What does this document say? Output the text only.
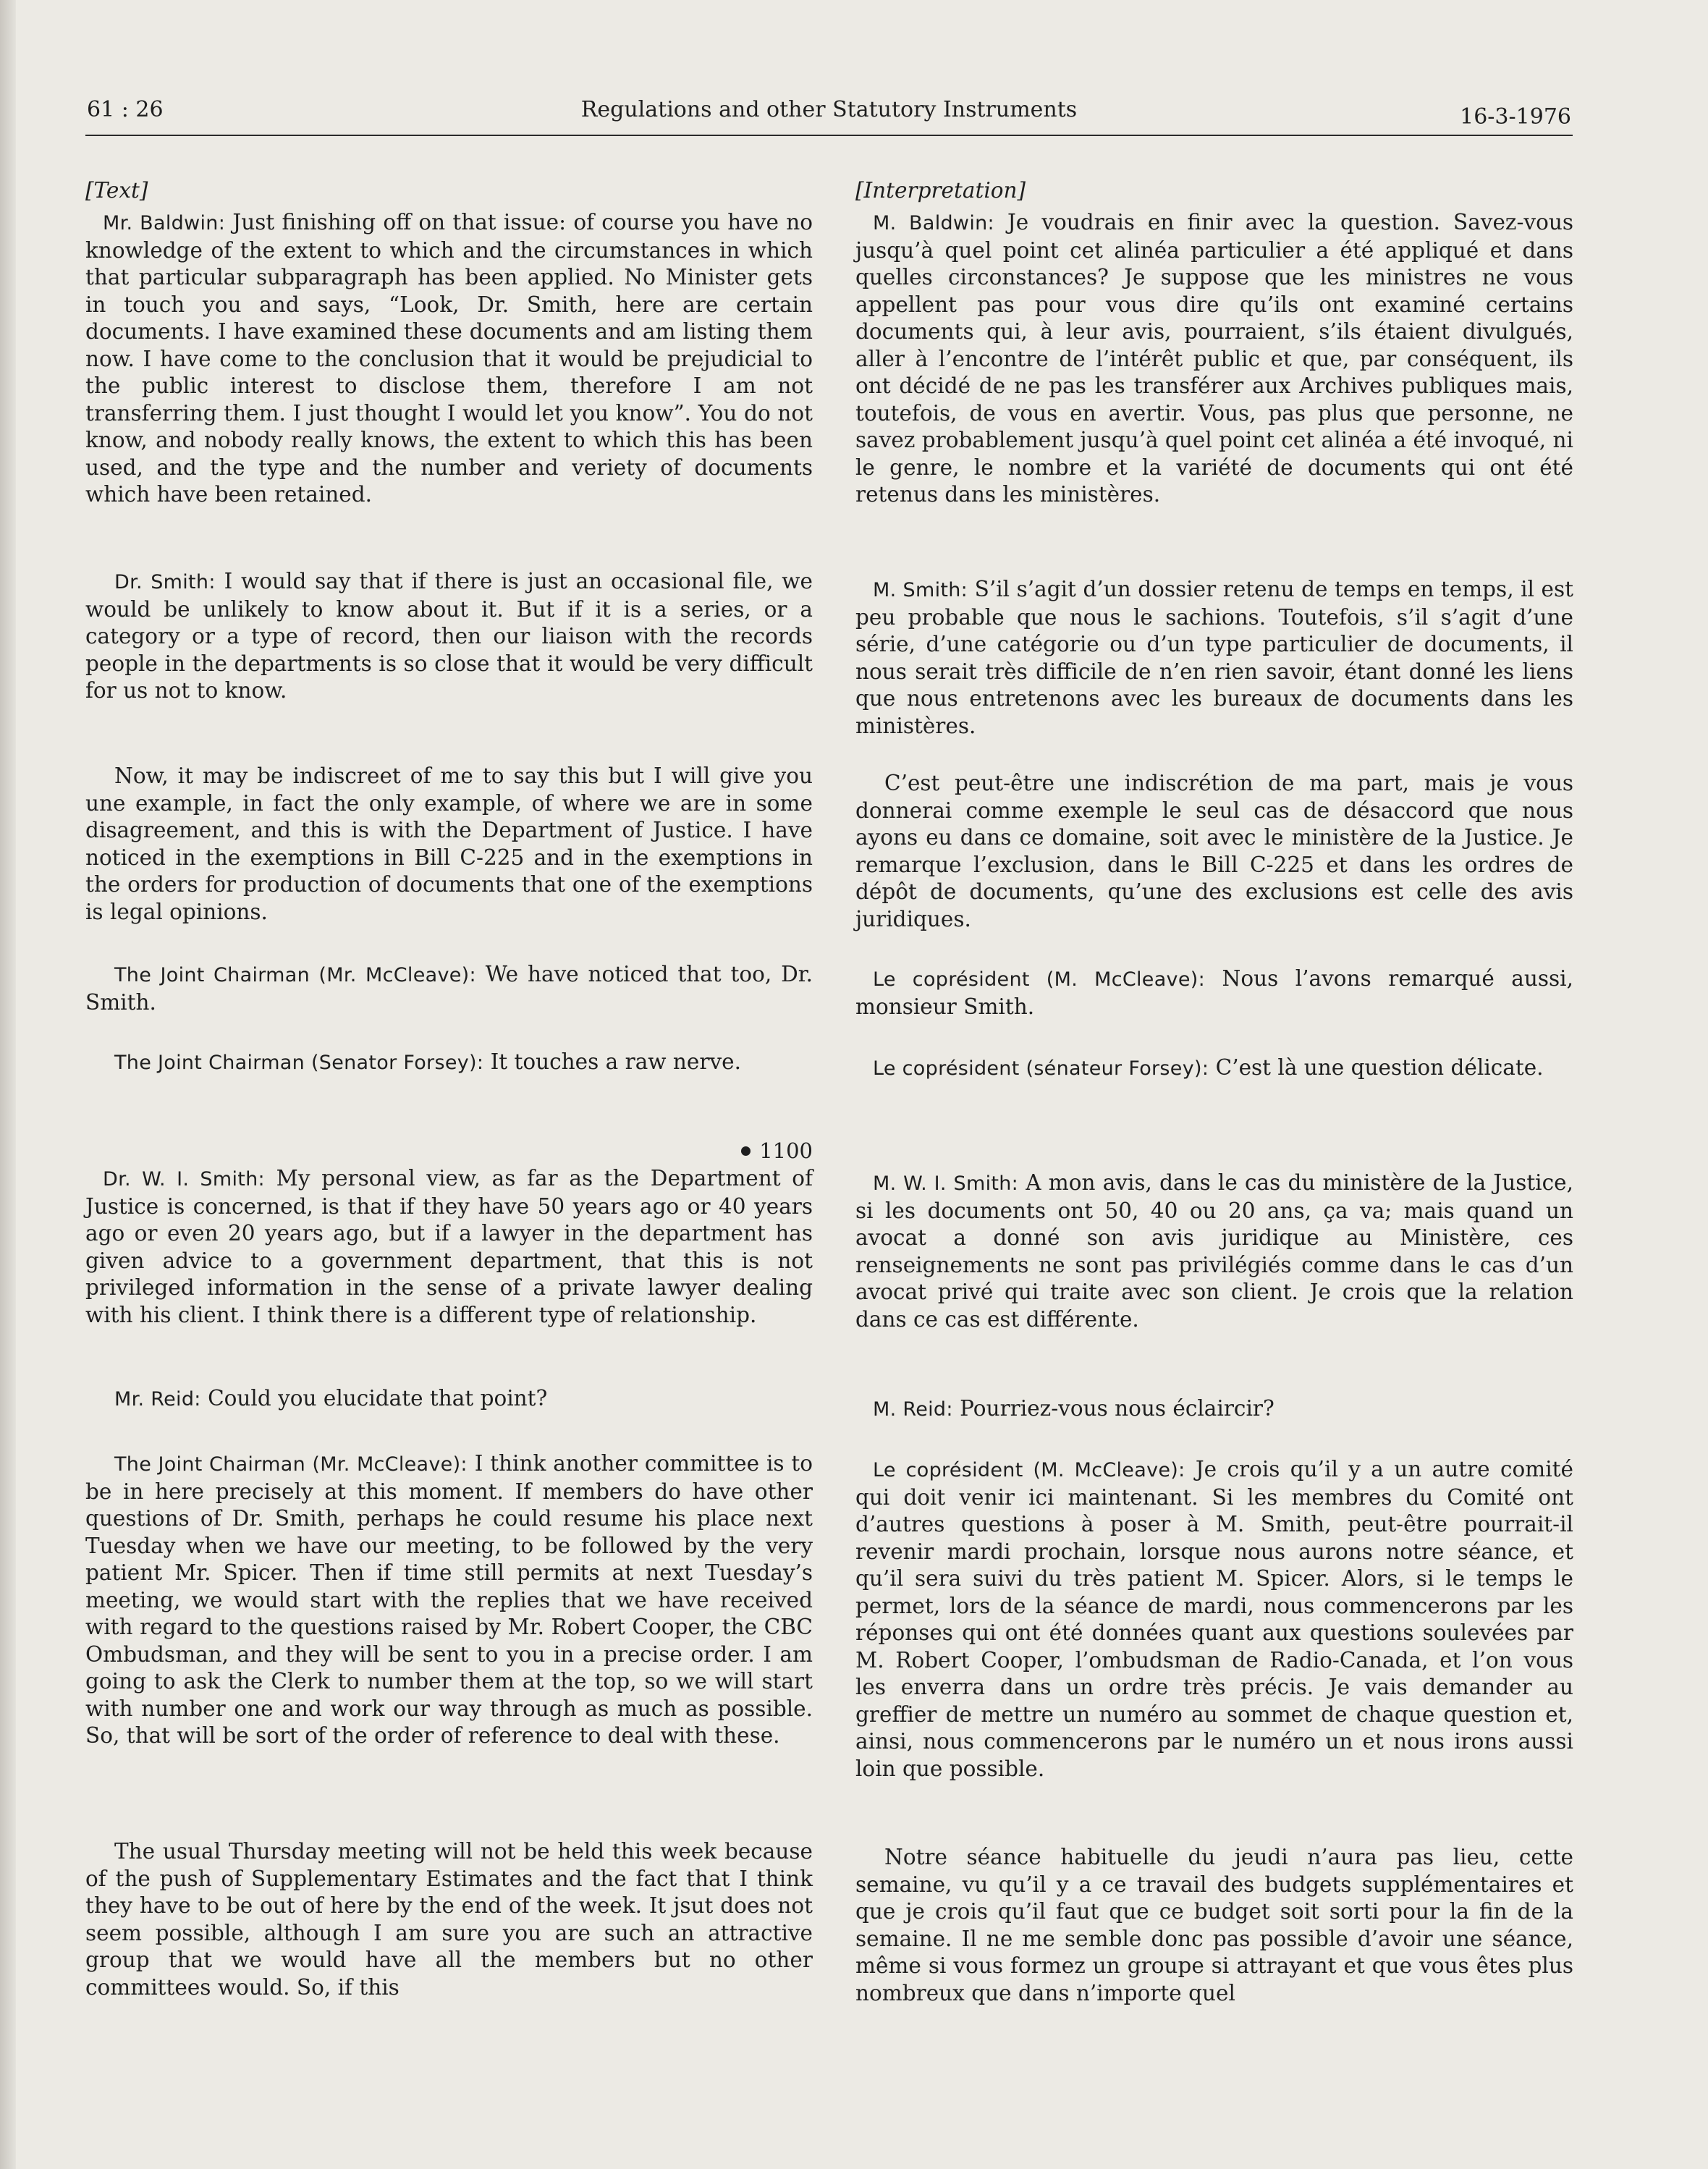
61 : 26	Regulations and other Statutory Instruments	16-3-1976

[Text]

Mr. Baldwin: Just finishing off on that issue: of course you have no knowledge of the extent to which and the circumstances in which that particular subparagraph has been applied. No Minister gets in touch you and says, “Look, Dr. Smith, here are certain documents. I have examined these documents and am listing them now. I have come to the conclusion that it would be prejudicial to the public interest to disclose them, therefore I am not transferring them. I just thought I would let you know”. You do not know, and nobody really knows, the extent to which this has been used, and the type and the number and veriety of documents which have been retained.

Dr. Smith: I would say that if there is just an occasional file, we would be unlikely to know about it. But if it is a series, or a category or a type of record, then our liaison with the records people in the departments is so close that it would be very difficult for us not to know.

Now, it may be indiscreet of me to say this but I will give you une example, in fact the only example, of where we are in some disagreement, and this is with the Department of Justice. I have noticed in the exemptions in Bill C-225 and in the exemptions in the orders for production of documents that one of the exemptions is legal opinions.

The Joint Chairman (Mr. McCleave): We have noticed that too, Dr. Smith.

The Joint Chairman (Senator Forsey): It touches a raw nerve.

1100

Dr. W. I. Smith: My personal view, as far as the Department of Justice is concerned, is that if they have 50 years ago or 40 years ago or even 20 years ago, but if a lawyer in the department has given advice to a government department, that this is not privileged information in the sense of a private lawyer dealing with his client. I think there is a different type of relationship.

Mr. Reid: Could you elucidate that point?

The Joint Chairman (Mr. McCleave): I think another committee is to be in here precisely at this moment. If members do have other questions of Dr. Smith, perhaps he could resume his place next Tuesday when we have our meeting, to be followed by the very patient Mr. Spicer. Then if time still permits at next Tuesday’s meeting, we would start with the replies that we have received with regard to the questions raised by Mr. Robert Cooper, the CBC Ombudsman, and they will be sent to you in a precise order. I am going to ask the Clerk to number them at the top, so we will start with number one and work our way through as much as possible. So, that will be sort of the order of reference to deal with these.

The usual Thursday meeting will not be held this week because of the push of Supplementary Estimates and the fact that I think they have to be out of here by the end of the week. It jsut does not seem possible, although I am sure you are such an attractive group that we would have all the members but no other committees would. So, if this

[Interpretation]

M. Baldwin: Je voudrais en finir avec la question. Savez-vous jusqu’à quel point cet alinéa particulier a été appliqué et dans quelles circonstances? Je suppose que les ministres ne vous appellent pas pour vous dire qu’ils ont examiné certains documents qui, à leur avis, pourraient, s’ils étaient divulgués, aller à l’encontre de l’intérêt public et que, par conséquent, ils ont décidé de ne pas les transférer aux Archives publiques mais, toutefois, de vous en avertir. Vous, pas plus que personne, ne savez probablement jusqu’à quel point cet alinéa a été invoqué, ni le genre, le nombre et la variété de documents qui ont été retenus dans les ministères.

M. Smith: S’il s’agit d’un dossier retenu de temps en temps, il est peu probable que nous le sachions. Toutefois, s’il s’agit d’une série, d’une catégorie ou d’un type particulier de documents, il nous serait très difficile de n’en rien savoir, étant donné les liens que nous entretenons avec les bureaux de documents dans les ministères.

C’est peut-être une indiscrétion de ma part, mais je vous donnerai comme exemple le seul cas de désaccord que nous ayons eu dans ce domaine, soit avec le ministère de la Justice. Je remarque l’exclusion, dans le Bill C-225 et dans les ordres de dépôt de documents, qu’une des exclusions est celle des avis juridiques.

Le coprésident (M. McCleave): Nous l’avons remarqué aussi, monsieur Smith.

Le coprésident (sénateur Forsey): C’est là une question délicate.

M. W. I. Smith: A mon avis, dans le cas du ministère de la Justice, si les documents ont 50, 40 ou 20 ans, ça va; mais quand un avocat a donné son avis juridique au Ministère, ces renseignements ne sont pas privilégiés comme dans le cas d’un avocat privé qui traite avec son client. Je crois que la relation dans ce cas est différente.

M. Reid: Pourriez-vous nous éclaircir?

Le coprésident (M. McCleave): Je crois qu’il y a un autre comité qui doit venir ici maintenant. Si les membres du Comité ont d’autres questions à poser à M. Smith, peut-être pourrait-il revenir mardi prochain, lorsque nous aurons notre séance, et qu’il sera suivi du très patient M. Spicer. Alors, si le temps le permet, lors de la séance de mardi, nous commencerons par les réponses qui ont été données quant aux questions soulevées par M. Robert Cooper, l’ombudsman de Radio-Canada, et l’on vous les enverra dans un ordre très précis. Je vais demander au greffier de mettre un numéro au sommet de chaque question et, ainsi, nous commencerons par le numéro un et nous irons aussi loin que possible.

Notre séance habituelle du jeudi n’aura pas lieu, cette semaine, vu qu’il y a ce travail des budgets supplémentaires et que je crois qu’il faut que ce budget soit sorti pour la fin de la semaine. Il ne me semble donc pas possible d’avoir une séance, même si vous formez un groupe si attrayant et que vous êtes plus nombreux que dans n’importe quel
